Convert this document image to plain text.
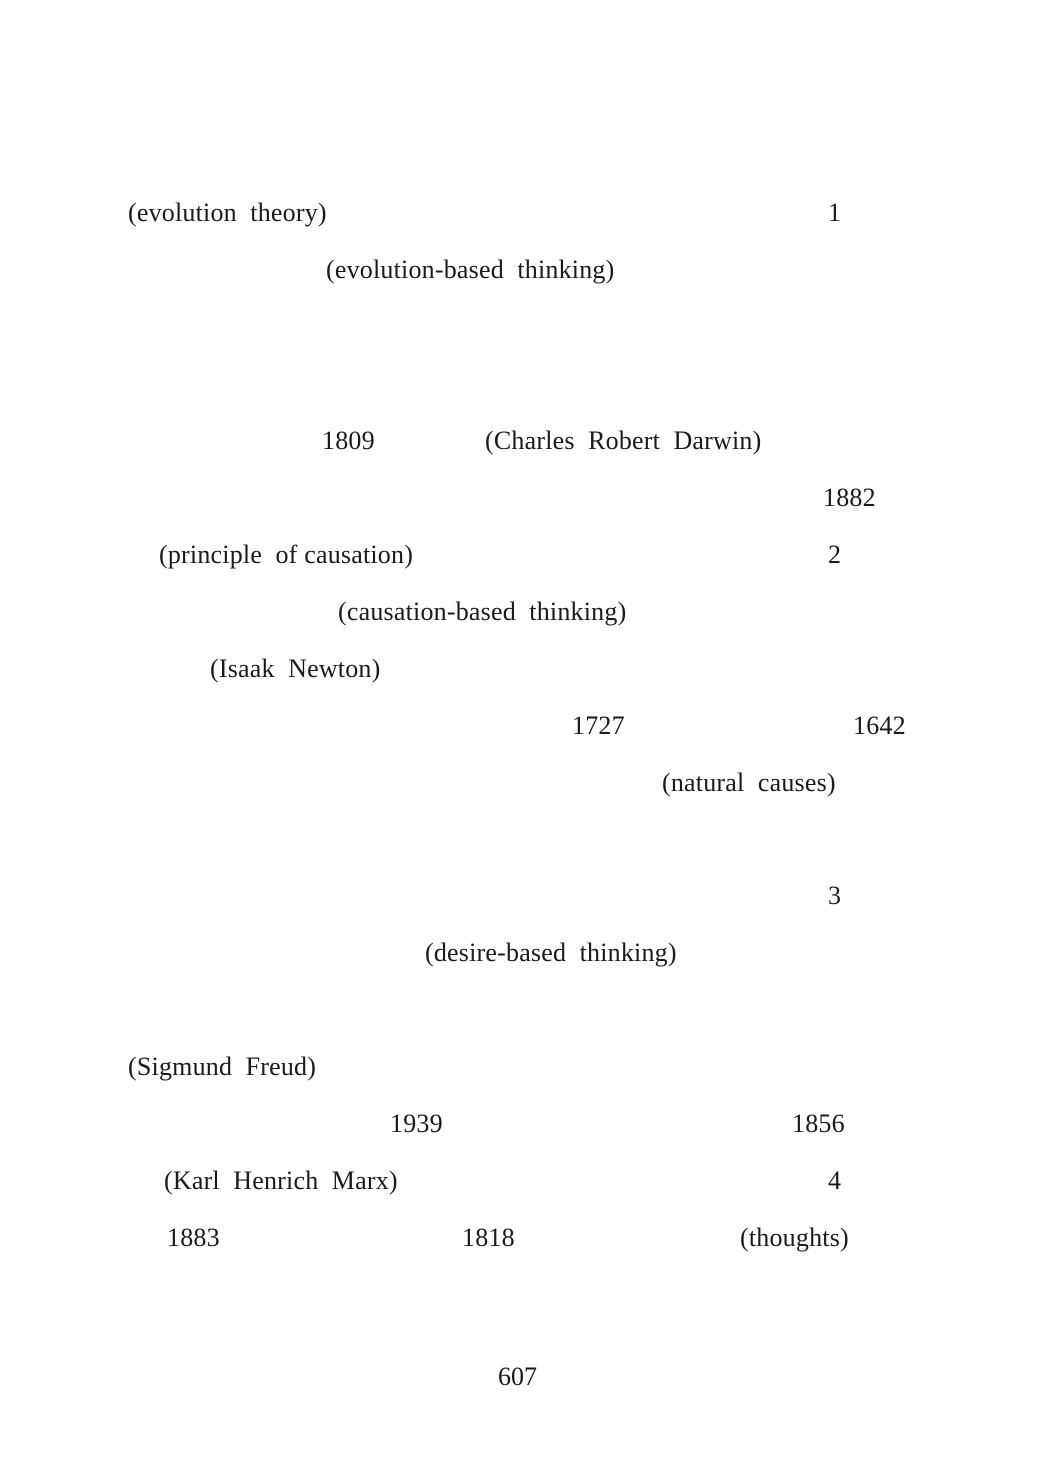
(evolution  theory)	1
(evolution-based  thinking)
1809	(Charles  Robert  Darwin)
1882
(principle  of causation)	2
(causation-based  thinking)
(Isaak  Newton)
1727	1642
(natural  causes)
3
(desire-based  thinking)
(Sigmund  Freud)
1939	1856
(Karl  Henrich  Marx)	4
1883	1818	(thoughts)
607
